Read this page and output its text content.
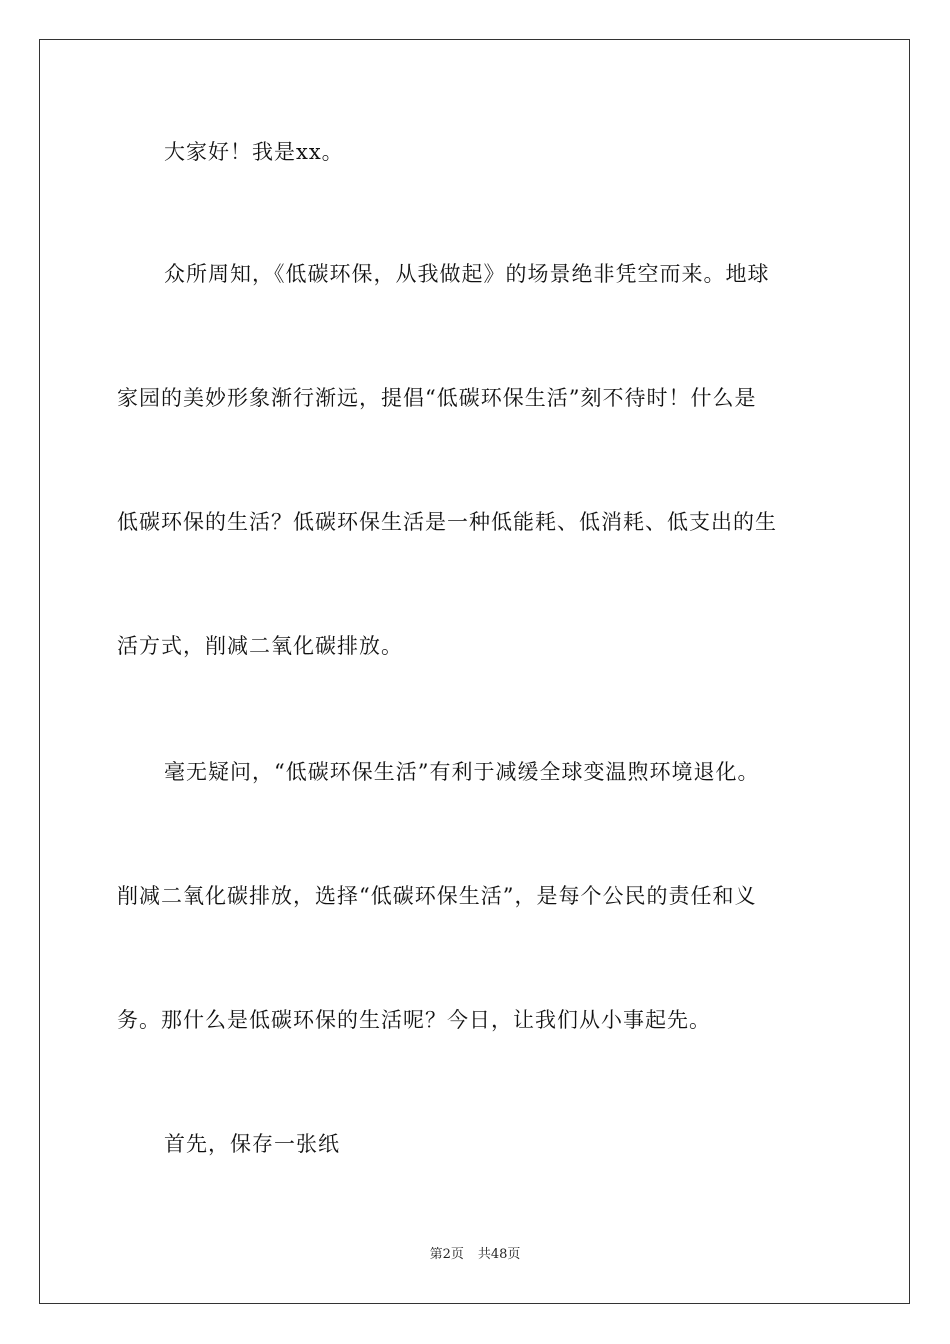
大家好！我是xx。
众所周知，《低碳环保，从我做起》的场景绝非凭空而来。地球
家园的美妙形象渐行渐远，提倡“低碳环保生活”刻不待时！什么是
低碳环保的生活？低碳环保生活是一种低能耗、低消耗、低支出的生
活方式，削减二氧化碳排放。
毫无疑问，“低碳环保生活”有利于减缓全球变温煦环境退化。
削减二氧化碳排放，选择“低碳环保生活”，是每个公民的责任和义
务。那什么是低碳环保的生活呢？今日，让我们从小事起先。
首先，保存一张纸
第2页 共48页
